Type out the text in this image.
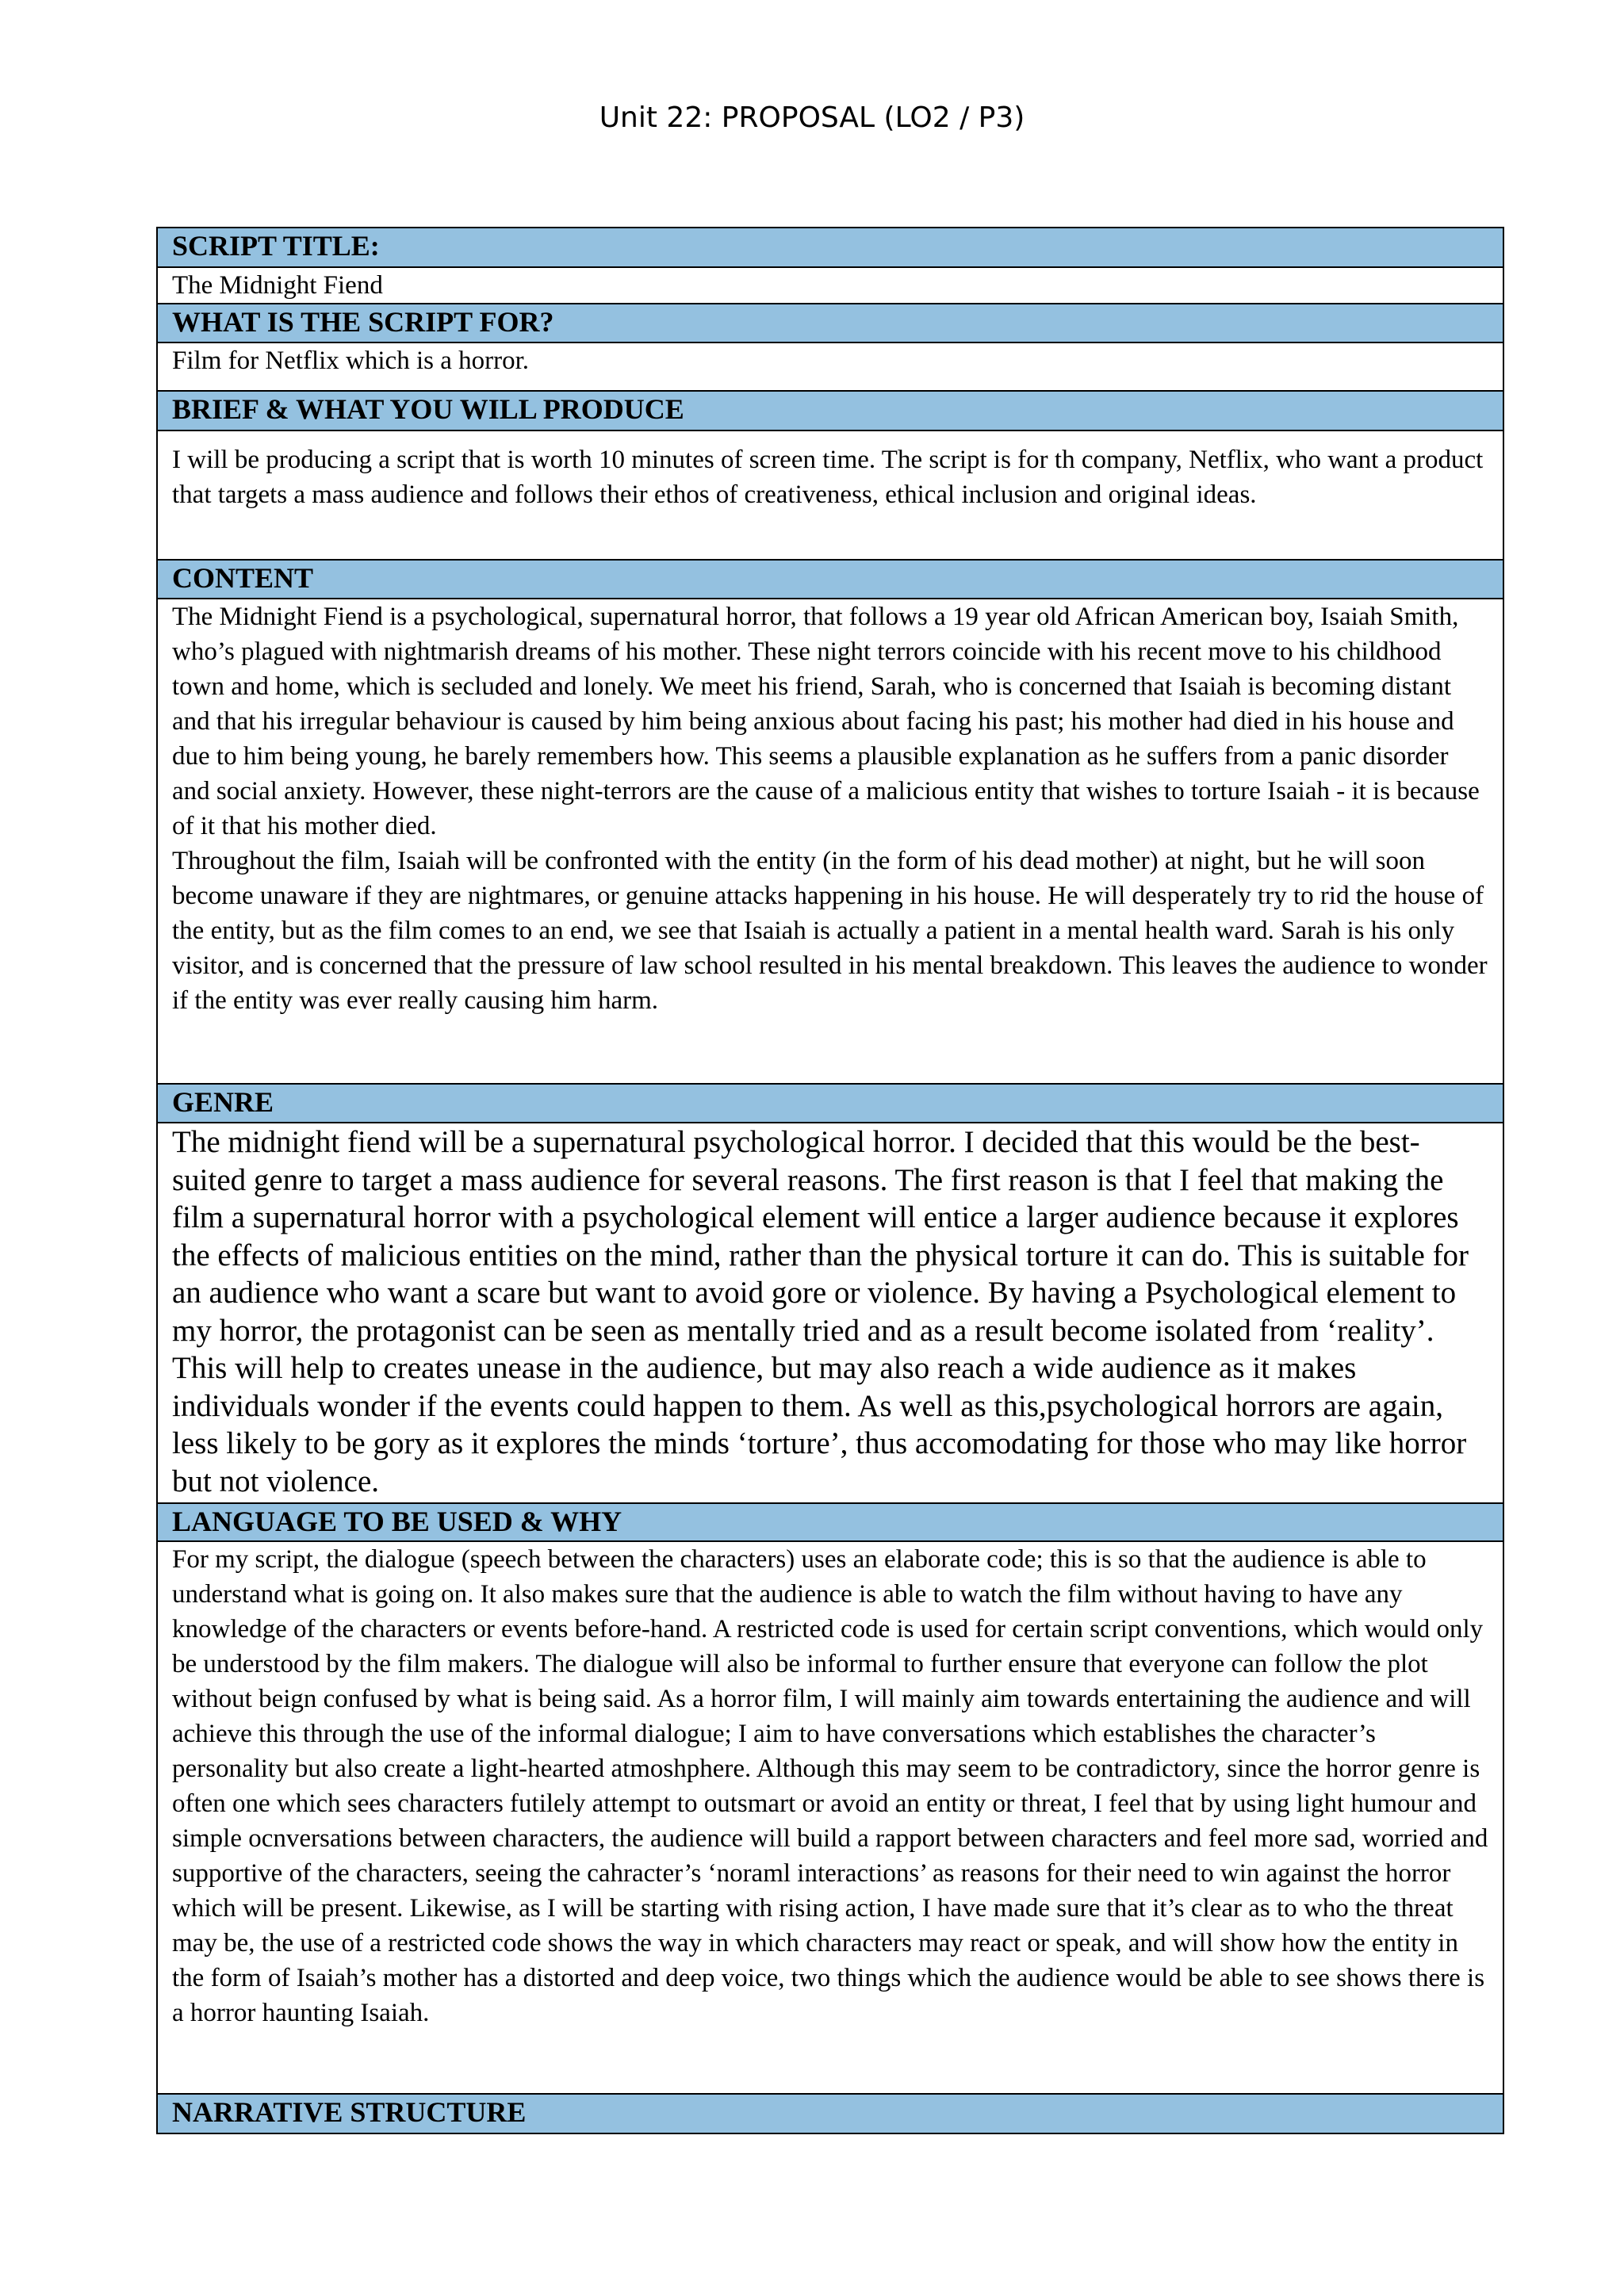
Unit 22: PROPOSAL (LO2 / P3)
SCRIPT TITLE:

The Midnight Fiend

WHAT IS THE SCRIPT FOR?

Film for Netflix which is a horror.

BRIEF & WHAT YOU WILL PRODUCE

I will be producing a script that is worth 10 minutes of screen time. The script is for th company, Netflix, who want a product that targets a mass audience and follows their ethos of creativeness, ethical inclusion and original ideas.

CONTENT

The Midnight Fiend is a psychological, supernatural horror, that follows a 19 year old African American boy, Isaiah Smith, who’s plagued with nightmarish dreams of his mother. These night terrors coincide with his recent move to his childhood town and home, which is secluded and lonely. We meet his friend, Sarah, who is concerned that Isaiah is becoming distant and that his irregular behaviour is caused by him being anxious about facing his past; his mother had died in his house and due to him being young, he barely remembers how. This seems a plausible explanation as he suffers from a panic disorder and social anxiety. However, these night-terrors are the cause of a malicious entity that wishes to torture Isaiah - it is because of it that his mother died.

Throughout the film, Isaiah will be confronted with the entity (in the form of his dead mother) at night, but he will soon become unaware if they are nightmares, or genuine attacks happening in his house. He will desperately try to rid the house of the entity, but as the film comes to an end, we see that Isaiah is actually a patient in a mental health ward. Sarah is his only visitor, and is concerned that the pressure of law school resulted in his mental breakdown. This leaves the audience to wonder if the entity was ever really causing him harm.

GENRE

The midnight fiend will be a supernatural psychological horror. I decided that this would be the best-suited genre to target a mass audience for several reasons. The first reason is that I feel that making the film a supernatural horror with a psychological element will entice a larger audience because it explores the effects of malicious entities on the mind, rather than the physical torture it can do. This is suitable for an audience who want a scare but want to avoid gore or violence. By having a Psychological element to my horror, the protagonist can be seen as mentally tried and as a result become isolated from ‘reality’. This will help to creates unease in the audience, but may also reach a wide audience as it makes individuals wonder if the events could happen to them. As well as this,psychological horrors are again, less likely to be gory as it explores the minds ‘torture’, thus accomodating for those who may like horror but not violence.

LANGUAGE TO BE USED & WHY

For my script, the dialogue (speech between the characters) uses an elaborate code; this is so that the audience is able to understand what is going on. It also makes sure that the audience is able to watch the film without having to have any knowledge of the characters or events before-hand. A restricted code is used for certain script conventions, which would only be understood by the film makers. The dialogue will also be informal to further ensure that everyone can follow the plot without beign confused by what is being said. As a horror film, I will mainly aim towards entertaining the audience and will achieve this through the use of the informal dialogue; I aim to have conversations which establishes the character’s personality but also create a light-hearted atmoshphere. Although this may seem to be contradictory, since the horror genre is often one which sees characters futilely attempt to outsmart or avoid an entity or threat, I feel that by using light humour and simple ocnversations between characters, the audience will build a rapport between characters and feel more sad, worried and supportive of the characters, seeing the cahracter’s ‘noraml interactions’ as reasons for their need to win against the horror which will be present. Likewise, as I will be starting with rising action, I have made sure that it’s clear as to who the threat may be, the use of a restricted code shows the way in which characters may react or speak, and will show how the entity in the form of Isaiah’s mother has a distorted and deep voice, two things which the audience would be able to see shows there is a horror haunting Isaiah.

NARRATIVE STRUCTURE
